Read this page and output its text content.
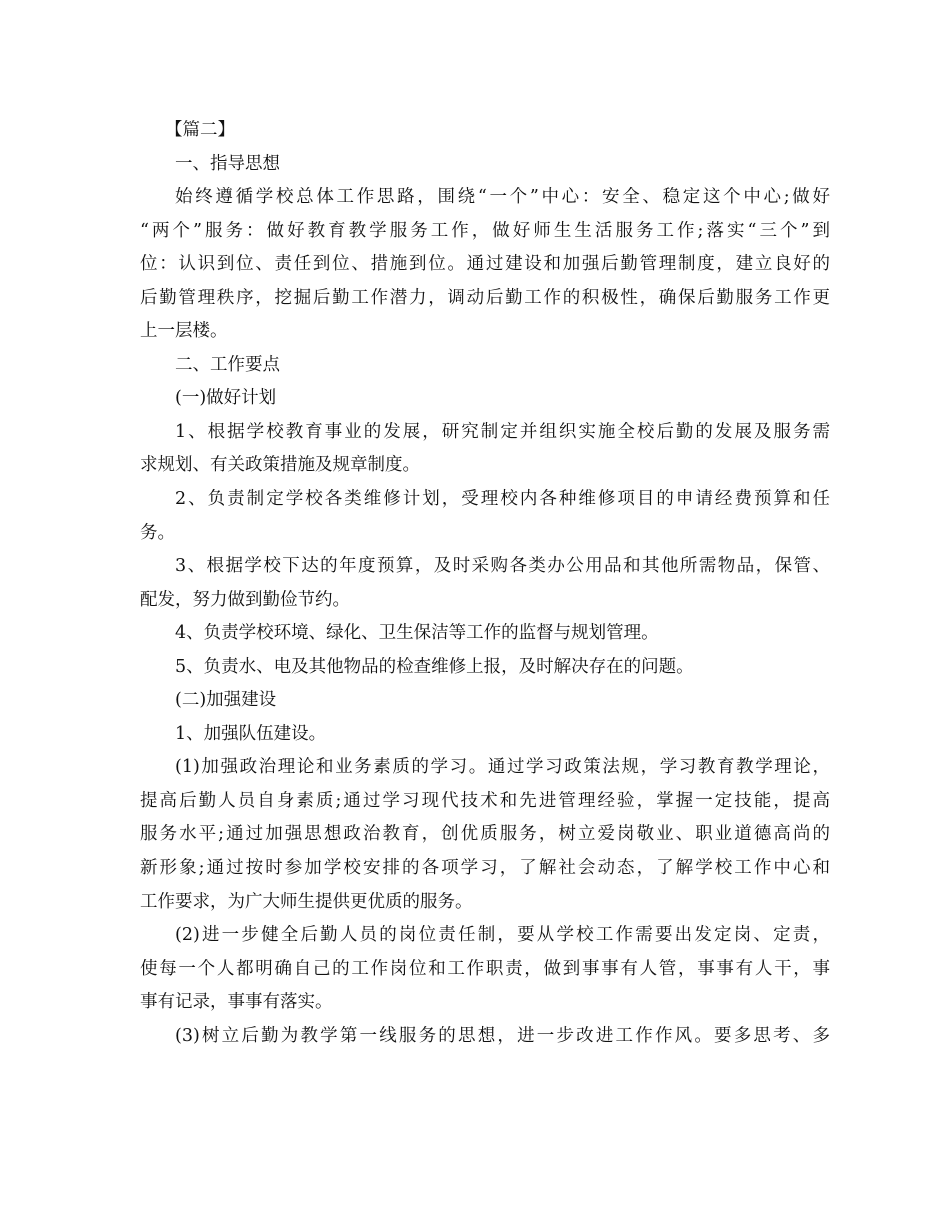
【篇二】
一、指导思想
始终遵循学校总体工作思路，围绕“一个”中心：安全、稳定这个中心;做好
“两个”服务：做好教育教学服务工作，做好师生生活服务工作;落实“三个”到
位：认识到位、责任到位、措施到位。通过建设和加强后勤管理制度，建立良好的
后勤管理秩序，挖掘后勤工作潜力，调动后勤工作的积极性，确保后勤服务工作更
上一层楼。
二、工作要点
(一)做好计划
1、根据学校教育事业的发展，研究制定并组织实施全校后勤的发展及服务需
求规划、有关政策措施及规章制度。
2、负责制定学校各类维修计划，受理校内各种维修项目的申请经费预算和任
务。
3、根据学校下达的年度预算，及时采购各类办公用品和其他所需物品，保管、
配发，努力做到勤俭节约。
4、负责学校环境、绿化、卫生保洁等工作的监督与规划管理。
5、负责水、电及其他物品的检查维修上报，及时解决存在的问题。
(二)加强建设
1、加强队伍建设。
(1)加强政治理论和业务素质的学习。通过学习政策法规，学习教育教学理论，
提高后勤人员自身素质;通过学习现代技术和先进管理经验，掌握一定技能，提高
服务水平;通过加强思想政治教育，创优质服务，树立爱岗敬业、职业道德高尚的
新形象;通过按时参加学校安排的各项学习，了解社会动态，了解学校工作中心和
工作要求，为广大师生提供更优质的服务。
(2)进一步健全后勤人员的岗位责任制，要从学校工作需要出发定岗、定责，
使每一个人都明确自己的工作岗位和工作职责，做到事事有人管，事事有人干，事
事有记录，事事有落实。
(3)树立后勤为教学第一线服务的思想，进一步改进工作作风。要多思考、多
